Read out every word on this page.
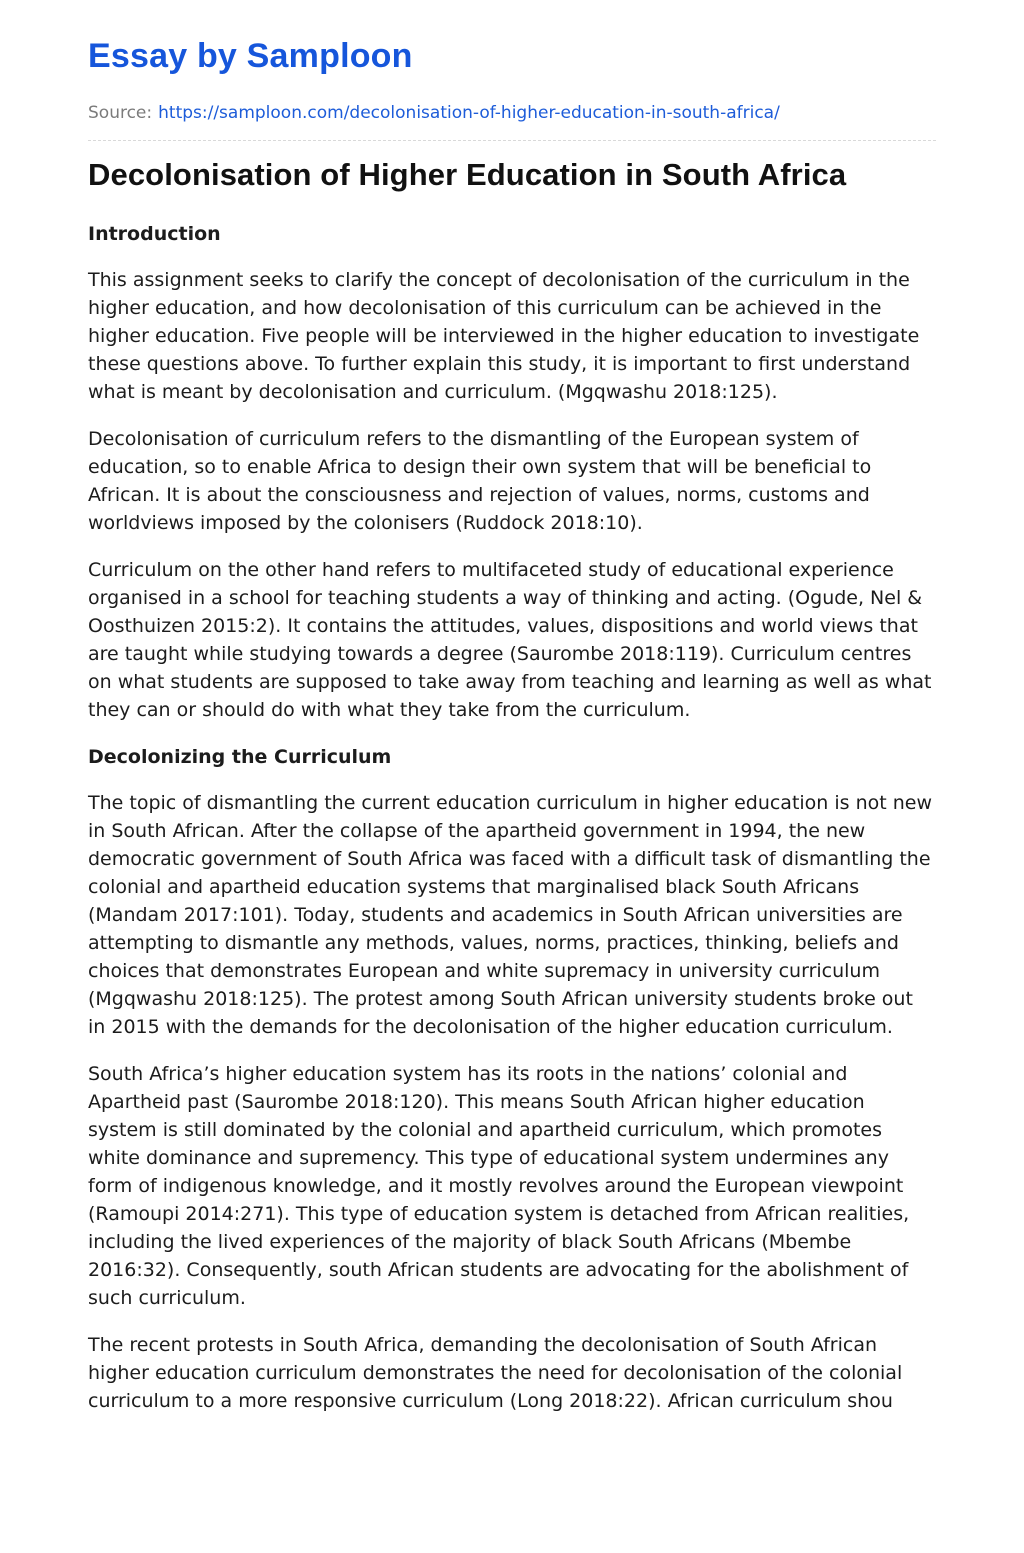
Essay by Samploon
Source: https://samploon.com/decolonisation-of-higher-education-in-south-africa/
Decolonisation of Higher Education in South Africa
Introduction

This assignment seeks to clarify the concept of decolonisation of the curriculum in the higher education, and how decolonisation of this curriculum can be achieved in the higher education. Five people will be interviewed in the higher education to investigate these questions above. To further explain this study, it is important to first understand what is meant by decolonisation and curriculum. (Mgqwashu 2018:125).

Decolonisation of curriculum refers to the dismantling of the European system of education, so to enable Africa to design their own system that will be beneficial to African. It is about the consciousness and rejection of values, norms, customs and worldviews imposed by the colonisers (Ruddock 2018:10).

Curriculum on the other hand refers to multifaceted study of educational experience organised in a school for teaching students a way of thinking and acting. (Ogude, Nel & Oosthuizen 2015:2). It contains the attitudes, values, dispositions and world views that are taught while studying towards a degree (Saurombe 2018:119). Curriculum centres on what students are supposed to take away from teaching and learning as well as what they can or should do with what they take from the curriculum.

Decolonizing the Curriculum

The topic of dismantling the current education curriculum in higher education is not new in South African. After the collapse of the apartheid government in 1994, the new democratic government of South Africa was faced with a difficult task of dismantling the colonial and apartheid education systems that marginalised black South Africans (Mandam 2017:101). Today, students and academics in South African universities are attempting to dismantle any methods, values, norms, practices, thinking, beliefs and choices that demonstrates European and white supremacy in university curriculum (Mgqwashu 2018:125). The protest among South African university students broke out in 2015 with the demands for the decolonisation of the higher education curriculum.

South Africa’s higher education system has its roots in the nations’ colonial and Apartheid past (Saurombe 2018:120). This means South African higher education system is still dominated by the colonial and apartheid curriculum, which promotes white dominance and supremency. This type of educational system undermines any form of indigenous knowledge, and it mostly revolves around the European viewpoint (Ramoupi 2014:271). This type of education system is detached from African realities, including the lived experiences of the majority of black South Africans (Mbembe 2016:32). Consequently, south African students are advocating for the abolishment of such curriculum.

The recent protests in South Africa, demanding the decolonisation of South African higher education curriculum demonstrates the need for decolonisation of the colonial curriculum to a more responsive curriculum (Long 2018:22). African curriculum shou
